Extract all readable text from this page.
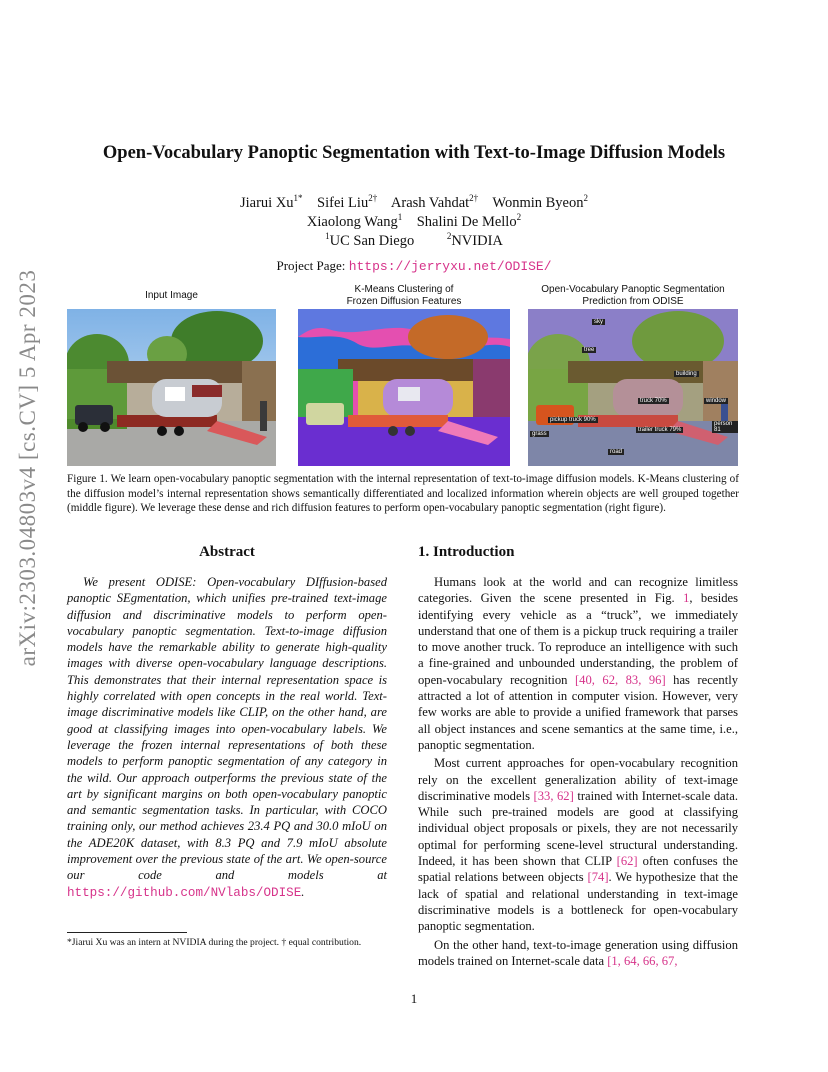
Open-Vocabulary Panoptic Segmentation with Text-to-Image Diffusion Models
Jiarui $Xu^{1*}$ Sifei Liu$^{2\dagger}$ Arash Vahdat$^{2\dagger}$ Wonmin Byeon$^2$
Xiaolong Wang$^1$ Shalini De Mello$^2$
$^1$UC San Diego	$^2$NVIDIA
Project Page: https://jerryxu.net/ODISE/
arXiv:2303.04803v4 [cs.CV] 5 Apr 2023	Input Image
K-Means Clustering of
Frozen Diffusion Features
Open-Vocabulary Panoptic Segmentation
Prediction from ODISE
sky
tree
building
truck 70%	window
pickup truck 90%
trailer truck 79%
person 81
road
grass
Figure 1. We learn open-vocabulary panoptic segmentation with the internal representation of text-to-image diffusion models. K-Means clustering of the diffusion model’s internal representation shows semantically differentiated and localized information wherein objects are well grouped together (middle figure). We leverage these dense and rich diffusion features to perform open-vocabulary panoptic segmentation (right figure).
Abstract
We present ODISE: Open-vocabulary DIffusion-based panoptic SEgmentation, which unifies pre-trained text-image diffusion and discriminative models to perform open-vocabulary panoptic segmentation. Text-to-image diffusion models have the remarkable ability to generate high-quality images with diverse open-vocabulary language descriptions. This demonstrates that their internal representation space is highly correlated with open concepts in the real world. Text-image discriminative models like CLIP, on the other hand, are good at classifying images into open-vocabulary labels. We leverage the frozen internal representations of both these models to perform panoptic segmentation of any category in the wild. Our approach outperforms the previous state of the art by significant margins on both open-vocabulary panoptic and semantic segmentation tasks. In particular, with COCO training only, our method achieves 23.4 PQ and 30.0 mIoU on the ADE20K dataset, with 8.3 PQ and 7.9 mIoU absolute improvement over the previous state of the art. We open-source our code and models at https://github.com/NVlabs/ODISE.
*Jiarui Xu was an intern at NVIDIA during the project. † equal contribution.
1. Introduction

Humans look at the world and can recognize limitless categories. Given the scene presented in Fig. 1, besides identifying every vehicle as a “truck”, we immediately understand that one of them is a pickup truck requiring a trailer to move another truck. To reproduce an intelligence with such a fine-grained and unbounded understanding, the problem of open-vocabulary recognition [40, 62, 83, 96] has recently attracted a lot of attention in computer vision. However, very few works are able to provide a unified framework that parses all object instances and scene semantics at the same time, i.e., panoptic segmentation.

Most current approaches for open-vocabulary recognition rely on the excellent generalization ability of text-image discriminative models [33, 62] trained with Internet-scale data. While such pre-trained models are good at classifying individual object proposals or pixels, they are not necessarily optimal for performing scene-level structural understanding. Indeed, it has been shown that CLIP [62] often confuses the spatial relations between objects [74]. We hypothesize that the lack of spatial and relational understanding in text-image discriminative models is a bottleneck for open-vocabulary panoptic segmentation.

On the other hand, text-to-image generation using diffusion models trained on Internet-scale data [1, 64, 66, 67,

1
